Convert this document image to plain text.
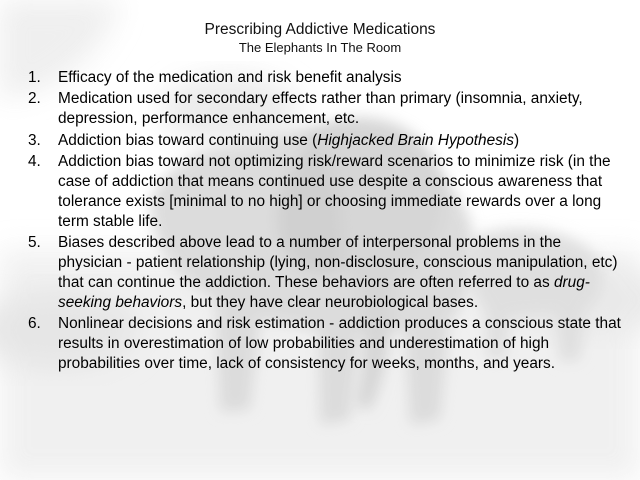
Prescribing Addictive Medications
The Elephants In The Room
1. Efficacy of the medication and risk benefit analysis
2. Medication used for secondary effects rather than primary (insomnia, anxiety, depression, performance enhancement, etc.
3. Addiction bias toward continuing use (Highjacked Brain Hypothesis)
4. Addiction bias toward not optimizing risk/reward scenarios to minimize risk (in the case of addiction that means continued use despite a conscious awareness that tolerance exists [minimal to no high] or choosing immediate rewards over a long term stable life.
5. Biases described above lead to a number of interpersonal problems in the physician - patient relationship (lying, non-disclosure, conscious manipulation, etc) that can continue the addiction. These behaviors are often referred to as drug-seeking behaviors, but they have clear neurobiological bases.
6. Nonlinear decisions and risk estimation - addiction produces a conscious state that results in overestimation of low probabilities and underestimation of high probabilities over time, lack of consistency for weeks, months, and years.
